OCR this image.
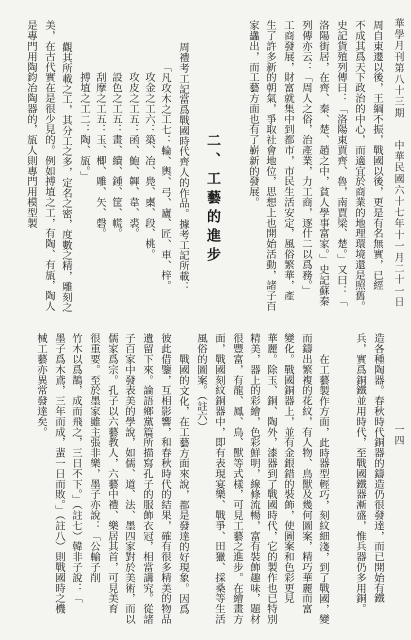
華學月刊第八十三期
中華民國六十七年十一月二十一日
周自東遷以後，王綱不振，戰國以後，更是有名無實，已經
不成其爲天下政治的中心，而適宜於商業的地理環境還是照舊。
史記貨殖列傳曰：「洛陽東賈齊、魯，南賈梁、楚。」又曰：「
洛陽街居，在齊、秦、楚、趙之中，貧人學事富家。」史記蘇秦
列傳亦云：「周人之俗，治產業，力工商，逐什二以爲務。」
工商發展，財富就集中到都市，市民生活安定，風俗繁華，產
生了許多新的朝氣，爭取社會地位，思想上也開始活動，諸子百
家蠭出，而工藝方面也有了嶄新的發展。
二、工藝的進步
周禮考工記當爲戰國時代齊人的作品。據考工記所載：
「凡攻木之工七：輪、輿、弓、廬、匠、車、梓。
攻金之工六：築、冶、鳧、㮚、段、桃。
攻皮之工五：函、鮑、韗、韋、裘。
設色之工五：畫、繢、鍾、筐、㡛。
刮摩之工五：玉、楖、雕、矢、磬。
搏埴之工二：陶、瓬。」
觀其所載之工，其分工之多，定名之密，度數之精，雕刻之
美，在古代實在是很少見的。例如搏埴之工，有陶、有瓬，陶人
是專門用陶鈞冶陶器的，瓬人則專門用模型製
一四
造各種陶器。春秋時代銅器的鑄造仍很發達，而已開始有鐵
兵，實爲銅鐵並用時代，至戰國鐵器漸盛，惟兵器仍多用銅。
在工藝製作方面，此時器型輕巧，刻紋細淺，到了戰國，變
而鑄出繁複的花紋，有人物、鳥獸及幾何圖案，精巧華麗而富
變化。戰國銅器上，並有金銀錯的裝飾，使圖案和色彩更見
華麗。除玉、銅、陶外，漆器到了戰國時代，它的製作也已特別
精美，器上的彩繪，色彩鮮明，線條流暢，富有裝飾趣味，題材
很豐富，有龍、鳳、鳥、獸等式樣，可見工藝之進步。在繪畫方
面，戰國刻紋銅器中，即有表現宴樂、戰爭、田獵、採桑等生活
風俗的圖案。（註六）
戰國的文化，在工藝方面來說，都是發達的好現象。因爲
彼此借鑒，互相影響，和春秋時代的結果，確有很多精美的物品
遺留下來。論語鄉黨篇所描寫孔子的服飾衣冠，相當講究。從諸
子百家中發表美的學說，如儒、道、法、墨四家對於美術，而以
儒家爲宗。孔子以六藝教人，六藝中禮、樂居其首，可見美育
很重要。至於墨家雖主張非樂，墨子亦說：「公輸子削
竹木以爲鵲，成而飛之，三日不下。」（註七）韓非子說：「
墨子爲木鳶，三年而成，蜚一日而敗。」（註八）則戰國時之機
械工藝亦異常發達矣。
